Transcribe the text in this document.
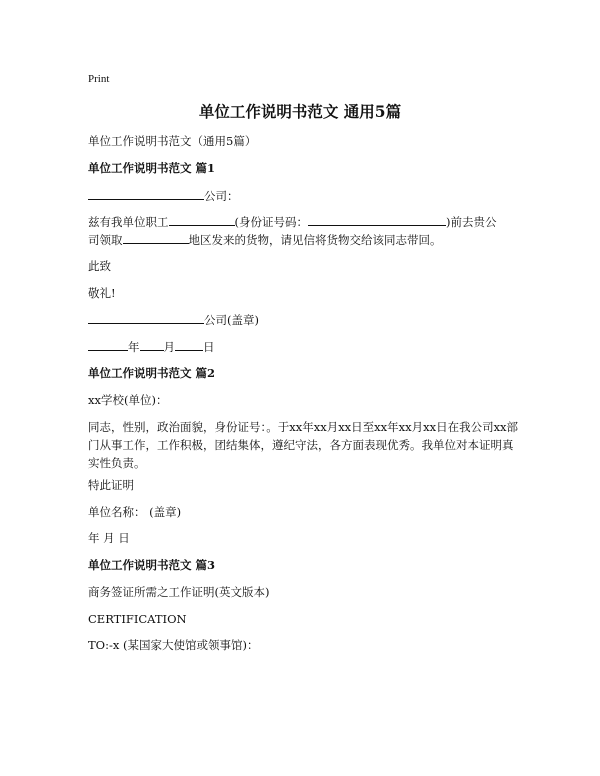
Print
单位工作说明书范文 通用5篇
单位工作说明书范文（通用5篇）
单位工作说明书范文 篇1
公司：
兹有我单位职工	(身份证号码：	)前去贵公
司领取	地区发来的货物，请见信将货物交给该同志带回。
此致
敬礼!
公司(盖章)
年 月 日
单位工作说明书范文 篇2
xx学校(单位)：
同志，性别，政治面貌，身份证号：。于xx年xx月xx日至xx年xx月xx日在我公司xx部门从事工作，工作积极，团结集体，遵纪守法，各方面表现优秀。我单位对本证明真实性负责。
特此证明
单位名称： (盖章)
年 月 日
单位工作说明书范文 篇3
商务签证所需之工作证明(英文版本)
CERTIFICATION
TO:-x (某国家大使馆或领事馆)：
